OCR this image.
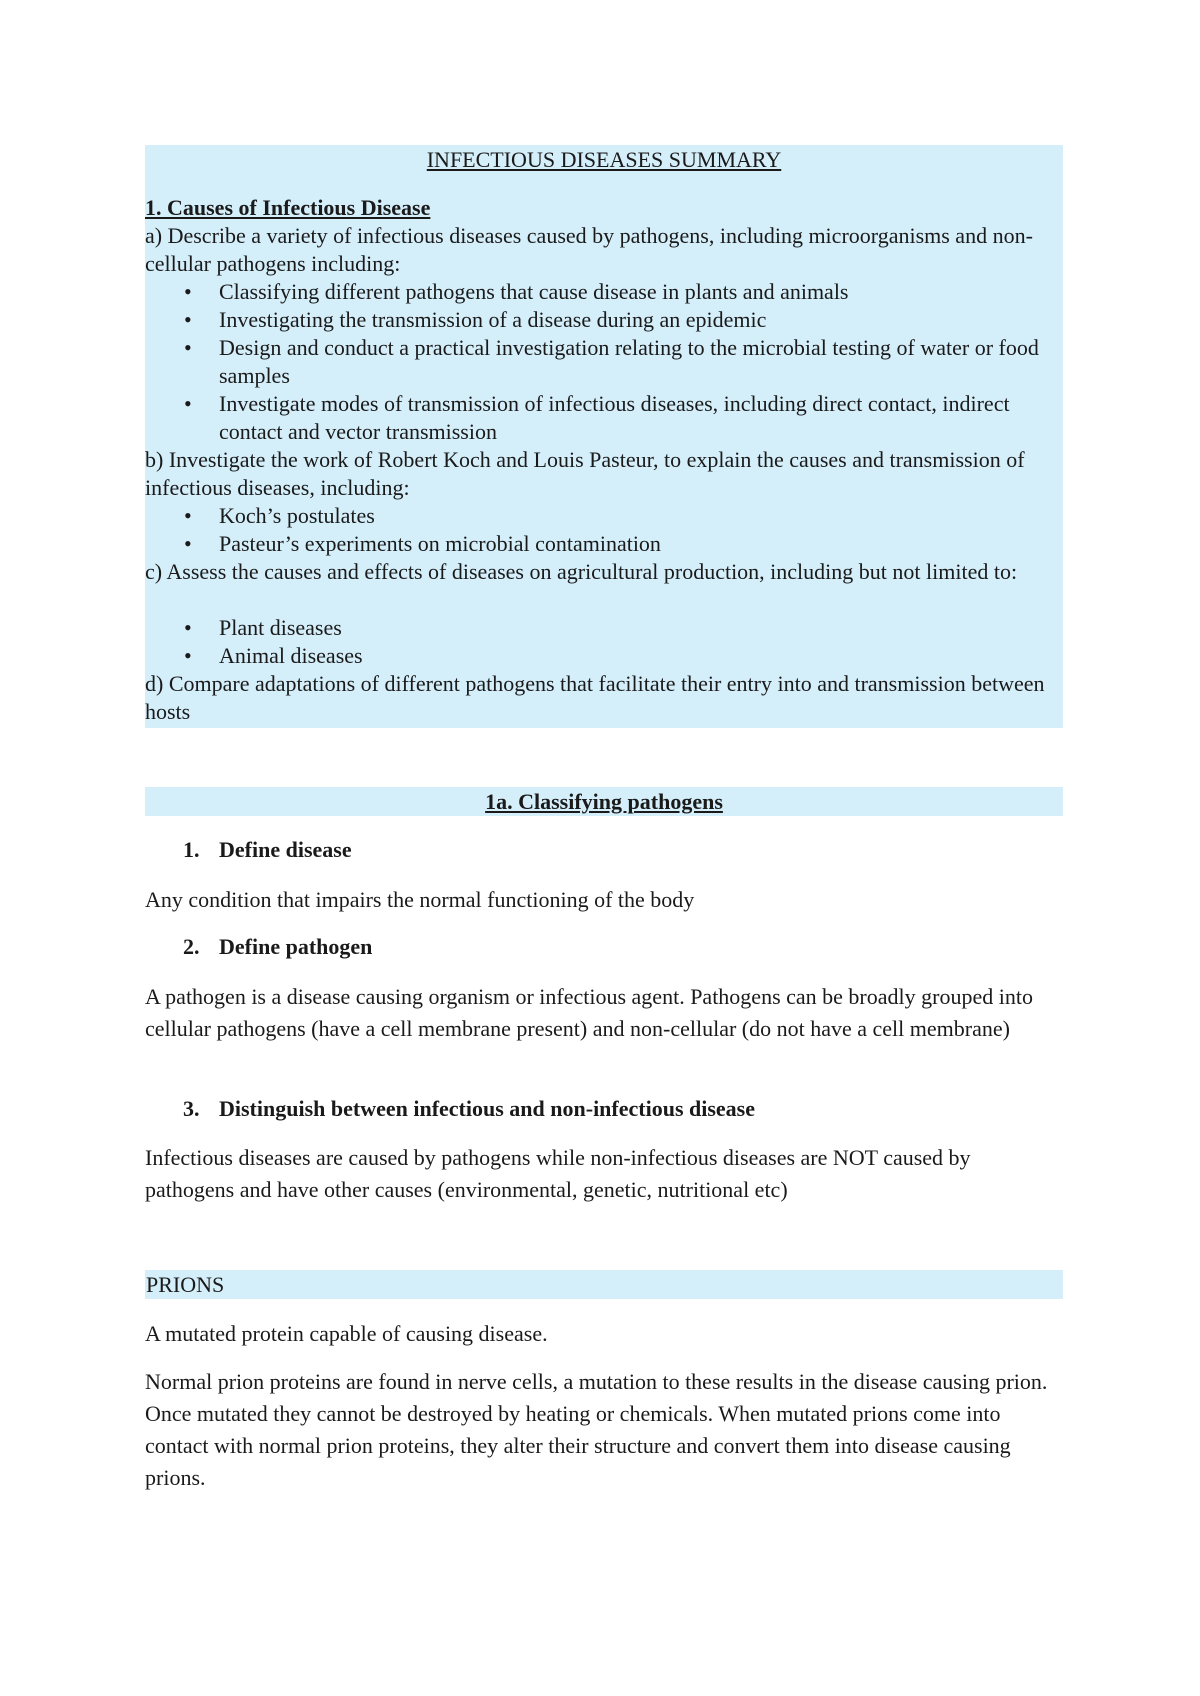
INFECTIOUS DISEASES SUMMARY
1. Causes of Infectious Disease
a) Describe a variety of infectious diseases caused by pathogens, including microorganisms and non-cellular pathogens including:
• Classifying different pathogens that cause disease in plants and animals
• Investigating the transmission of a disease during an epidemic
• Design and conduct a practical investigation relating to the microbial testing of water or food samples
• Investigate modes of transmission of infectious diseases, including direct contact, indirect contact and vector transmission
b) Investigate the work of Robert Koch and Louis Pasteur, to explain the causes and transmission of infectious diseases, including:
• Koch’s postulates
• Pasteur’s experiments on microbial contamination
c) Assess the causes and effects of diseases on agricultural production, including but not limited to:
• Plant diseases
• Animal diseases
d) Compare adaptations of different pathogens that facilitate their entry into and transmission between hosts
1a. Classifying pathogens
1. Define disease
Any condition that impairs the normal functioning of the body
2. Define pathogen
A pathogen is a disease causing organism or infectious agent. Pathogens can be broadly grouped into cellular pathogens (have a cell membrane present) and non-cellular (do not have a cell membrane)
3. Distinguish between infectious and non-infectious disease
Infectious diseases are caused by pathogens while non-infectious diseases are NOT caused by pathogens and have other causes (environmental, genetic, nutritional etc)
PRIONS
A mutated protein capable of causing disease.
Normal prion proteins are found in nerve cells, a mutation to these results in the disease causing prion. Once mutated they cannot be destroyed by heating or chemicals. When mutated prions come into contact with normal prion proteins, they alter their structure and convert them into disease causing prions.
